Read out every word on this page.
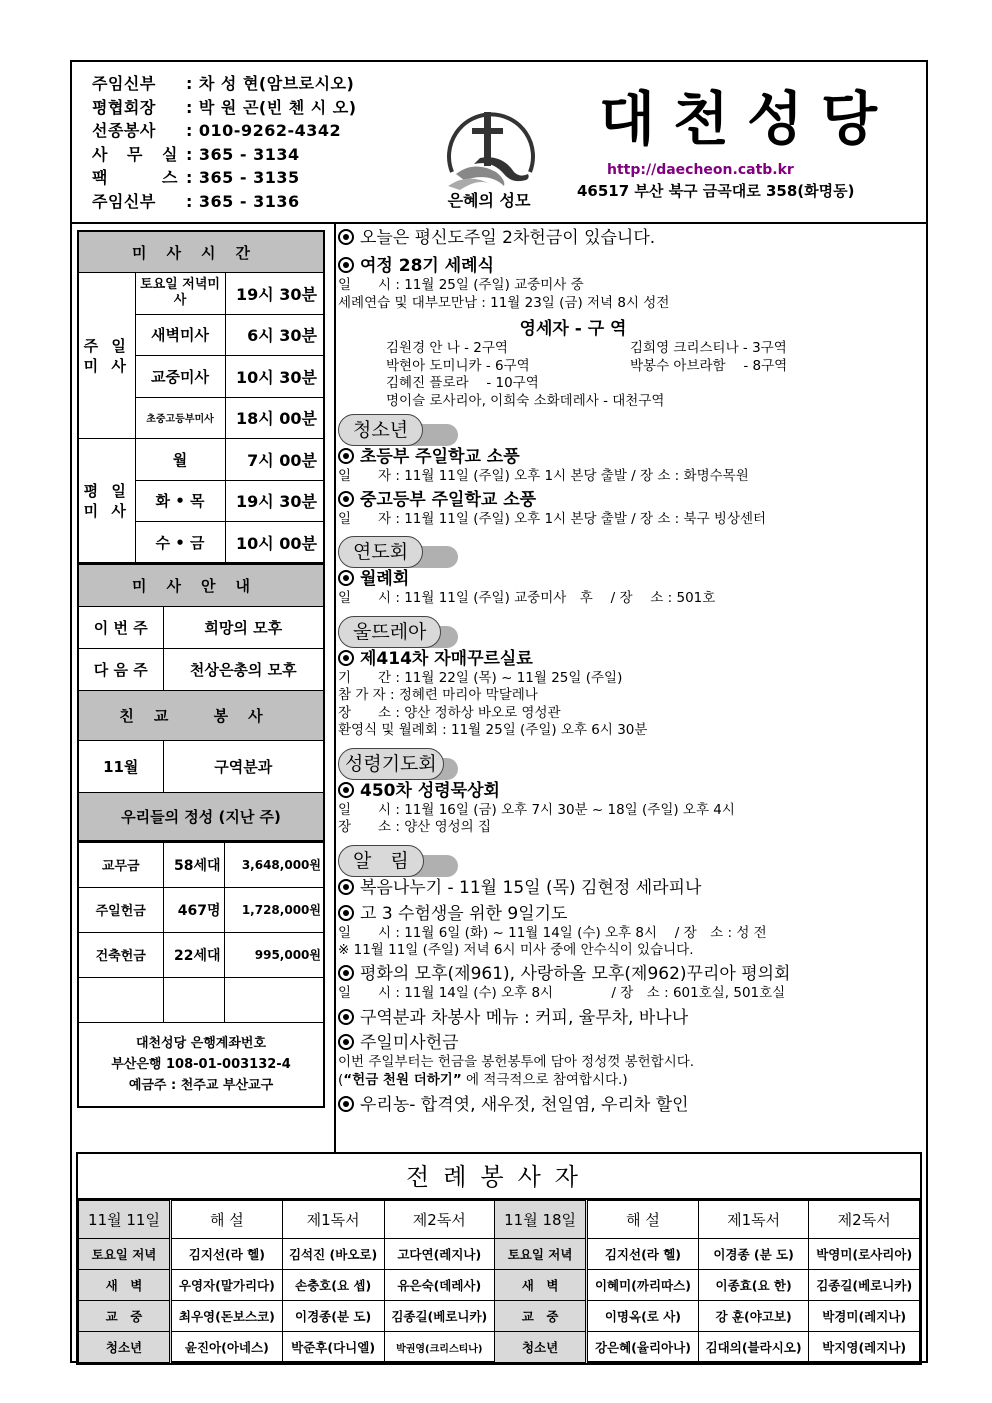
주임신부	: 차 성 현(암브로시오)
평협회장	: 박 원 곤(빈 첸 시 오)
선종봉사	: 010-9262-4342
사 무 실 : 365 - 3134
팩 스 : 365 - 3135
주임신부	: 365 - 3136	은혜의 성모
대천성당
http://daecheon.catb.kr
46517 부산 북구 금곡대로 358(화명동)
미사시간		
주 일 미 사	토요일 저녁미사	19시 30분
	새벽미사	6시 30분
	교중미사	10시 30분
	초중고등부미사	18시 00분
평 일 미 사	월	7시 00분
	화 • 목	19시 30분
	수 • 금	10시 00분
미사안내	
이 번 주	희망의 모후
다 음 주	천상은총의 모후
친교 봉사	
11월	구역분과
우리들의 정성 (지난 주)	
교무금	58세대	3,648,000원
주일헌금	467명	1,728,000원
건축헌금	22세대	995,000원

대천성당 은행계좌번호
부산은행 108-01-003132-4
예금주 : 천주교 부산교구		
오늘은 평신도주일 2차헌금이 있습니다.
여정 28기 세례식
일　　시 : 11월 25일 (주일) 교중미사 중
세례연습 및 대부모만남 : 11월 23일 (금) 저녁 8시 성전
영세자 - 구 역
김원경 안 나 - 2구역	김희영 크리스티나 - 3구역
박현아 도미니카 - 6구역	박봉수 아브라함　 - 8구역
김혜진 플로라　 - 10구역
명이슬 로사리아, 이희숙 소화데레사 - 대천구역
청소년
초등부 주일학교 소풍
일　　자 : 11월 11일 (주일) 오후 1시 본당 출발 / 장 소 : 화명수목원
중고등부 주일학교 소풍
일　　자 : 11월 11일 (주일) 오후 1시 본당 출발 / 장 소 : 북구 빙상센터
연도회
월례회
일　　시 : 11월 11일 (주일) 교중미사　후　 / 장　 소 : 501호
울뜨레아
제414차 자매꾸르실료
기　　간 : 11월 22일 (목) ~ 11월 25일 (주일)
참 가 자 : 정혜련 마리아 막달레나
장　　소 : 양산 정하상 바오로 영성관
환영식 및 월례회 : 11월 25일 (주일) 오후 6시 30분
성령기도회
450차 성령묵상회
일　　시 : 11월 16일 (금) 오후 7시 30분 ~ 18일 (주일) 오후 4시
장　　소 : 양산 영성의 집
알　림
복음나누기 - 11월 15일 (목) 김현정 세라피나
고 3 수험생을 위한 9일기도
일　　시 : 11월 6일 (화) ~ 11월 14일 (수) 오후 8시　 / 장　소 : 성 전
※ 11월 11일 (주일) 저녁 6시 미사 중에 안수식이 있습니다.
평화의 모후(제961), 사랑하올 모후(제962)꾸리아 평의회
일　　시 : 11월 14일 (수) 오후 8시　　　　 / 장　소 : 601호실, 501호실
구역분과 차봉사 메뉴 : 커피, 율무차, 바나나
주일미사헌금
이번 주일부터는 헌금을 봉헌봉투에 담아 정성껏 봉헌합시다.
(“헌금 천원 더하기” 에 적극적으로 참여합시다.)
우리농- 합격엿, 새우젓, 천일염, 우리차 할인
전례봉사자
11월 11일	해 설	제1독서	제2독서	11월 18일	해 설	제1독서	제2독서
토요일 저녁	김지선(라 헬)	김석진 (바오로)	고다연(레지나)	토요일 저녁	김지선(라 헬)	이경종 (분 도)	박영미(로사리아)
새　벽	우영자(말가리다)	손충호(요 셉)	유은숙(데레사)	새　벽	이혜미(까리따스)	이종효(요 한)	김종길(베로니카)
교　중	최우영(돈보스코)	이경종(분 도)	김종길(베로니카)	교　중	이명옥(로 사)	강 훈(야고보)	박경미(레지나)
청소년	윤진아(아네스)	박준후(다니엘)	박권영(크리스티나)	청소년	강은혜(율리아나)	김대의(블라시오)	박지영(레지나)
